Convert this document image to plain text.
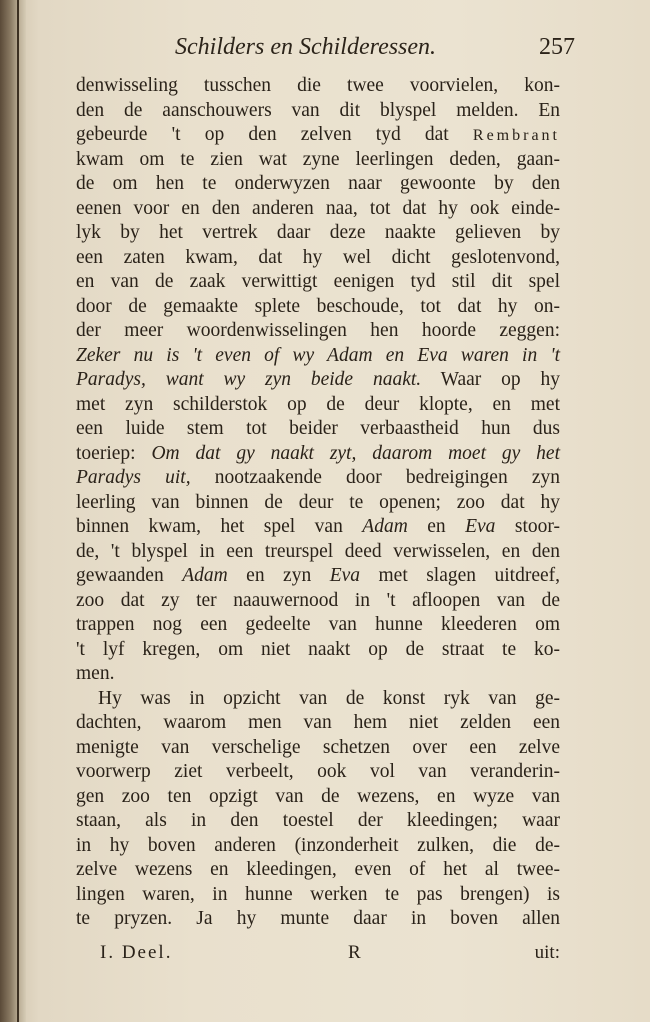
Schilders en Schilderessen.	257
denwisseling tusschen die twee voorvielen, kon-
den de aanschouwers van dit blyspel melden. En
gebeurde 't op den zelven tyd dat Rembrant
kwam om te zien wat zyne leerlingen deden, gaan-
de om hen te onderwyzen naar gewoonte by den
eenen voor en den anderen naa, tot dat hy ook einde-
lyk by het vertrek daar deze naakte gelieven by
een zaten kwam, dat hy wel dicht geslotenvond,
en van de zaak verwittigt eenigen tyd stil dit spel
door de gemaakte splete beschoude, tot dat hy on-
der meer woordenwisselingen hen hoorde zeggen:
Zeker nu is 't even of wy Adam en Eva waren in 't
Paradys, want wy zyn beide naakt. Waar op hy
met zyn schilderstok op de deur klopte, en met
een luide stem tot beider verbaastheid hun dus
toeriep: Om dat gy naakt zyt, daarom moet gy het
Paradys uit, nootzaakende door bedreigingen zyn
leerling van binnen de deur te openen; zoo dat hy
binnen kwam, het spel van Adam en Eva stoor-
de, 't blyspel in een treurspel deed verwisselen, en den
gewaanden Adam en zyn Eva met slagen uitdreef,
zoo dat zy ter naauwernood in 't afloopen van de
trappen nog een gedeelte van hunne kleederen om
't lyf kregen, om niet naakt op de straat te ko-
men.
Hy was in opzicht van de konst ryk van ge-
dachten, waarom men van hem niet zelden een
menigte van verschelige schetzen over een zelve
voorwerp ziet verbeelt, ook vol van veranderin-
gen zoo ten opzigt van de wezens, en wyze van
staan, als in den toestel der kleedingen; waar
in hy boven anderen (inzonderheit zulken, die de-
zelve wezens en kleedingen, even of het al twee-
lingen waren, in hunne werken te pas brengen) is
te pryzen. Ja hy munte daar in boven allen
I. Deel.	R	uit:
